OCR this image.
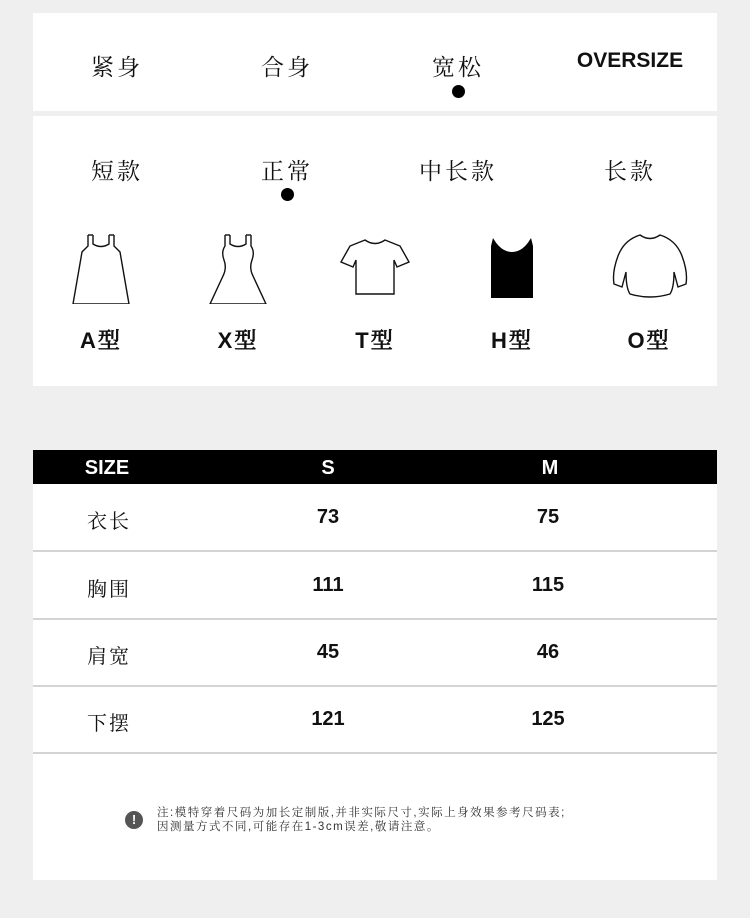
紧身	合身	宽松	OVERSIZE
短款	正常	中长款	长款
A型	X型	T型	H型	O型
SIZE	S	M
衣长	73	75
胸围	111	115
肩宽	45	46
下摆	121	125
!	注:模特穿着尺码为加长定制版,并非实际尺寸,实际上身效果参考尺码表;
因测量方式不同,可能存在1-3cm误差,敬请注意。
